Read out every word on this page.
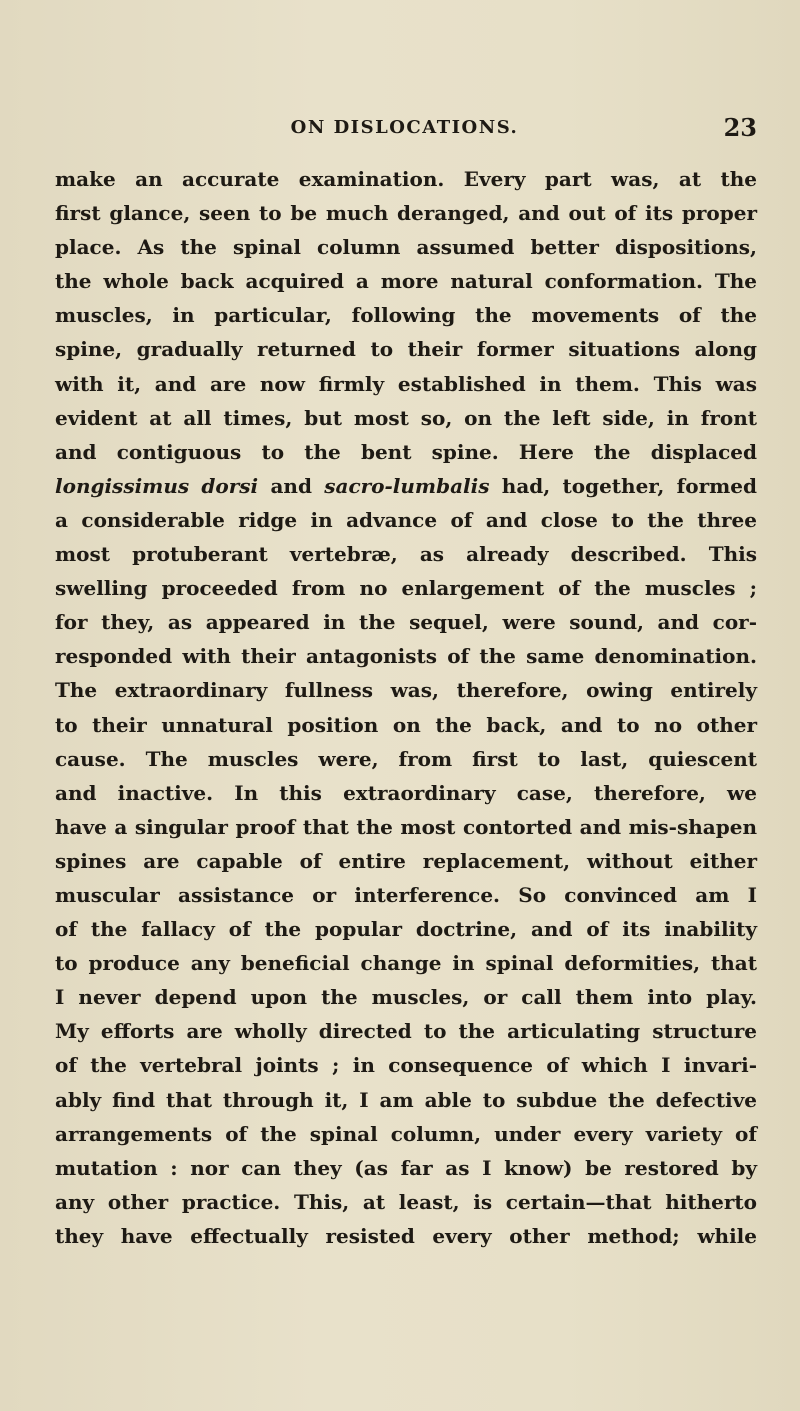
ON DISLOCATIONS.	23
make an accurate examination. Every part was, at the
first glance, seen to be much deranged, and out of its proper
place. As the spinal column assumed better dispositions,
the whole back acquired a more natural conformation. The
muscles, in particular, following the movements of the
spine, gradually returned to their former situations along
with it, and are now firmly established in them. This was
evident at all times, but most so, on the left side, in front
and contiguous to the bent spine. Here the displaced
longissimus dorsi and sacro-lumbalis had, together, formed
a considerable ridge in advance of and close to the three
most protuberant vertebræ, as already described. This
swelling proceeded from no enlargement of the muscles ;
for they, as appeared in the sequel, were sound, and cor-
responded with their antagonists of the same denomination.
The extraordinary fullness was, therefore, owing entirely
to their unnatural position on the back, and to no other
cause. The muscles were, from first to last, quiescent
and inactive. In this extraordinary case, therefore, we
have a singular proof that the most contorted and mis-shapen
spines are capable of entire replacement, without either
muscular assistance or interference. So convinced am I
of the fallacy of the popular doctrine, and of its inability
to produce any beneficial change in spinal deformities, that
I never depend upon the muscles, or call them into play.
My efforts are wholly directed to the articulating structure
of the vertebral joints ; in consequence of which I invari-
ably find that through it, I am able to subdue the defective
arrangements of the spinal column, under every variety of
mutation : nor can they (as far as I know) be restored by
any other practice. This, at least, is certain—that hitherto
they have effectually resisted every other method; while
